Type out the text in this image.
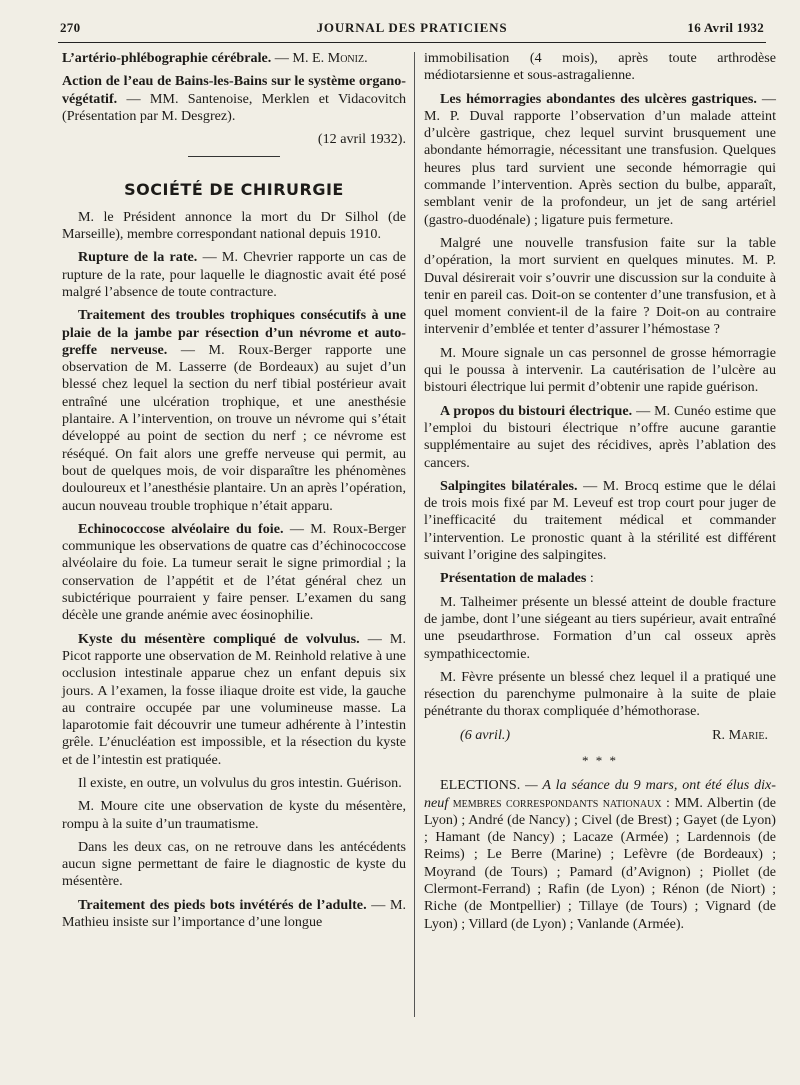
270	JOURNAL DES PRATICIENS	16 Avril 1932

L’artério-phlébographie cérébrale. — M. E. Moniz.

Action de l’eau de Bains-les-Bains sur le système organo-végétatif. — MM. Santenoise, Merklen et Vidacovitch (Présentation par M. Desgrez).

(12 avril 1932).

SOCIÉTÉ DE CHIRURGIE

M. le Président annonce la mort du Dr Silhol (de Marseille), membre correspondant national depuis 1910.

Rupture de la rate. — M. Chevrier rapporte un cas de rupture de la rate, pour laquelle le diagnostic avait été posé malgré l’absence de toute contracture.

Traitement des troubles trophiques consécutifs à une plaie de la jambe par résection d’un névrome et auto-greffe nerveuse. — M. Roux-Berger rapporte une observation de M. Lasserre (de Bordeaux) au sujet d’un blessé chez lequel la section du nerf tibial postérieur avait entraîné une ulcération trophique, et une anesthésie plantaire. A l’intervention, on trouve un névrome qui s’était développé au point de section du nerf ; ce névrome est réséqué. On fait alors une greffe nerveuse qui permit, au bout de quelques mois, de voir disparaître les phénomènes douloureux et l’anesthésie plantaire. Un an après l’opération, aucun nouveau trouble trophique n’était apparu.

Echinococcose alvéolaire du foie. — M. Roux-Berger communique les observations de quatre cas d’échinococcose alvéolaire du foie. La tumeur serait le signe primordial ; la conservation de l’appétit et de l’état général chez un subictérique pourraient y faire penser. L’examen du sang décèle une grande anémie avec éosinophilie.

Kyste du mésentère compliqué de volvulus. — M. Picot rapporte une observation de M. Reinhold relative à une occlusion intestinale apparue chez un enfant depuis six jours. A l’examen, la fosse iliaque droite est vide, la gauche au contraire occupée par une volumineuse masse. La laparotomie fait découvrir une tumeur adhérente à l’intestin grêle. L’énucléation est impossible, et la résection du kyste et de l’intestin est pratiquée.

Il existe, en outre, un volvulus du gros intestin. Guérison.

M. Moure cite une observation de kyste du mésentère, rompu à la suite d’un traumatisme.

Dans les deux cas, on ne retrouve dans les antécédents aucun signe permettant de faire le diagnostic de kyste du mésentère.

Traitement des pieds bots invétérés de l’adulte. — M. Mathieu insiste sur l’importance d’une longue

immobilisation (4 mois), après toute arthrodèse médiotarsienne et sous-astragalienne.

Les hémorragies abondantes des ulcères gastriques. — M. P. Duval rapporte l’observation d’un malade atteint d’ulcère gastrique, chez lequel survint brusquement une abondante hémorragie, nécessitant une transfusion. Quelques heures plus tard survient une seconde hémorragie qui commande l’intervention. Après section du bulbe, apparaît, semblant venir de la profondeur, un jet de sang artériel (gastro-duodénale) ; ligature puis fermeture.

Malgré une nouvelle transfusion faite sur la table d’opération, la mort survient en quelques minutes. M. P. Duval désirerait voir s’ouvrir une discussion sur la conduite à tenir en pareil cas. Doit-on se contenter d’une transfusion, et à quel moment convient-il de la faire ? Doit-on au contraire intervenir d’emblée et tenter d’assurer l’hémostase ?

M. Moure signale un cas personnel de grosse hémorragie qui le poussa à intervenir. La cautérisation de l’ulcère au bistouri électrique lui permit d’obtenir une rapide guérison.

A propos du bistouri électrique. — M. Cunéo estime que l’emploi du bistouri électrique n’offre aucune garantie supplémentaire au sujet des récidives, après l’ablation des cancers.

Salpingites bilatérales. — M. Brocq estime que le délai de trois mois fixé par M. Leveuf est trop court pour juger de l’inefficacité du traitement médical et commander l’intervention. Le pronostic quant à la stérilité est différent suivant l’origine des salpingites.

Présentation de malades :

M. Talheimer présente un blessé atteint de double fracture de jambe, dont l’une siégeant au tiers supérieur, avait entraîné une pseudarthrose. Formation d’un cal osseux après sympathicectomie.

M. Fèvre présente un blessé chez lequel il a pratiqué une résection du parenchyme pulmonaire à la suite de plaie pénétrante du thorax compliquée d’hémothorase.

(6 avril.)	R. Marie.
* * *

ELECTIONS. — A la séance du 9 mars, ont été élus dix-neuf membres correspondants nationaux : MM. Albertin (de Lyon) ; André (de Nancy) ; Civel (de Brest) ; Gayet (de Lyon) ; Hamant (de Nancy) ; Lacaze (Armée) ; Lardennois (de Reims) ; Le Berre (Marine) ; Lefèvre (de Bordeaux) ; Moyrand (de Tours) ; Pamard (d’Avignon) ; Piollet (de Clermont-Ferrand) ; Rafin (de Lyon) ; Rénon (de Niort) ; Riche (de Montpellier) ; Tillaye (de Tours) ; Vignard (de Lyon) ; Villard (de Lyon) ; Vanlande (Armée).
